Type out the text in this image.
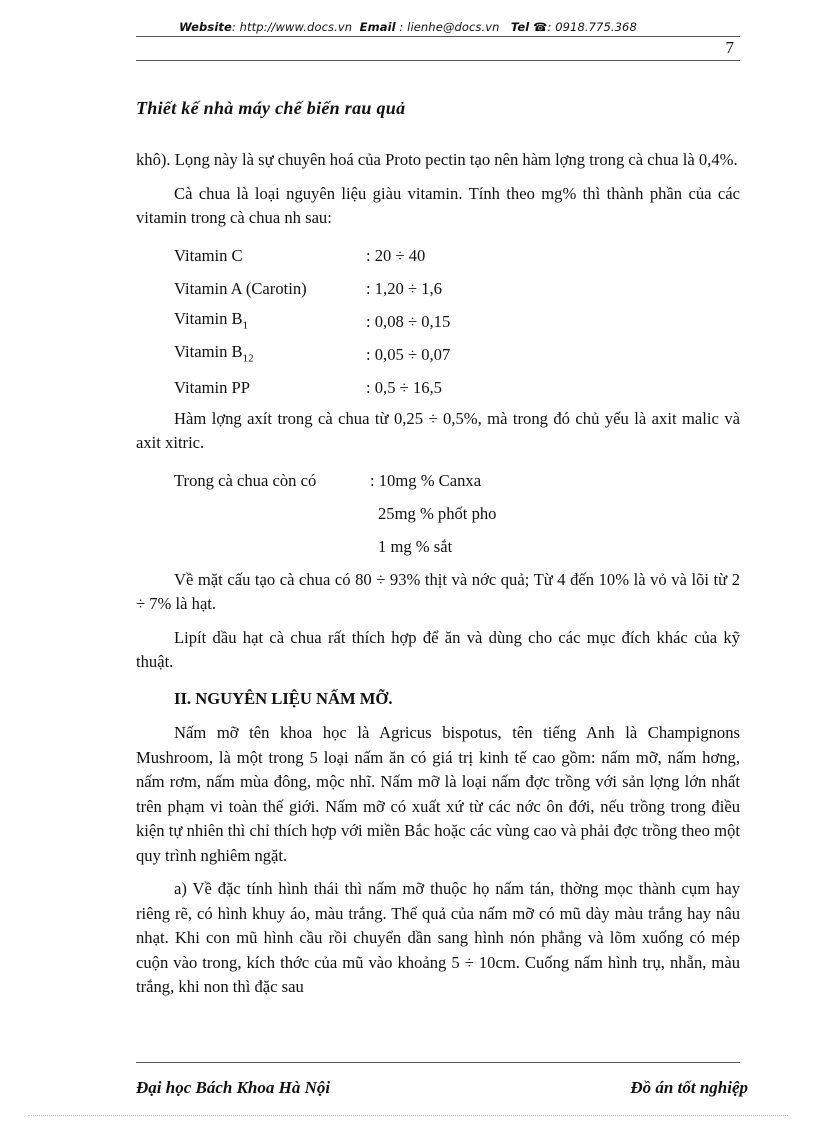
Website: http://www.docs.vn Email : lienhe@docs.vn Tel ☎: 0918.775.368
7
Thiết kế nhà máy chế biến rau quả

khô). Lọng này là sự chuyên hoá của Proto pectin tạo nên hàm lợng trong cà chua là 0,4%.

Cà chua là loại nguyên liệu giàu vitamin. Tính theo mg% thì thành phần của các vitamin trong cà chua nh sau:

Vitamin C	: 20 ÷ 40
Vitamin A (Carotin)	: 1,20 ÷ 1,6
Vitamin $B_1$	: 0,08 ÷ 0,15
Vitamin $B_{12}$	: 0,05 ÷ 0,07
Vitamin PP	: 0,5 ÷ 16,5

Hàm lợng axít trong cà chua từ 0,25 ÷ 0,5%, mà trong đó chủ yếu là axit malic và axit xitric.

Trong cà chua còn có	: 10mg % Canxa
25mg % phốt pho
1 mg % sắt

Về mặt cấu tạo cà chua có 80 ÷ 93% thịt và nớc quả; Từ 4 đến 10% là vỏ và lõi từ 2 ÷ 7% là hạt.

Lipít dầu hạt cà chua rất thích hợp để ăn và dùng cho các mục đích khác của kỹ thuật.

II. NGUYÊN LIỆU NẤM MỠ.

Nấm mỡ tên khoa học là Agricus bispotus, tên tiếng Anh là Champignons Mushroom, là một trong 5 loại nấm ăn có giá trị kinh tế cao gồm: nấm mỡ, nấm hơng, nấm rơm, nấm mùa đông, mộc nhĩ. Nấm mỡ là loại nấm đợc trồng với sản lợng lớn nhất trên phạm vi toàn thế giới. Nấm mỡ có xuất xứ từ các nớc ôn đới, nếu trồng trong điều kiện tự nhiên thì chỉ thích hợp với miền Bắc hoặc các vùng cao và phải đợc trồng theo một quy trình nghiêm ngặt.

a) Về đặc tính hình thái thì nấm mỡ thuộc họ nấm tán, thờng mọc thành cụm hay riêng rẽ, có hình khuy áo, màu trắng. Thể quả của nấm mỡ có mũ dày màu trắng hay nâu nhạt. Khi con mũ hình cầu rồi chuyển dần sang hình nón phẳng và lõm xuống có mép cuộn vào trong, kích thớc của mũ vào khoảng 5 ÷ 10cm. Cuống nấm hình trụ, nhẵn, màu trắng, khi non thì đặc sau

Đại học Bách Khoa Hà Nội	Đồ án tốt nghiệp
